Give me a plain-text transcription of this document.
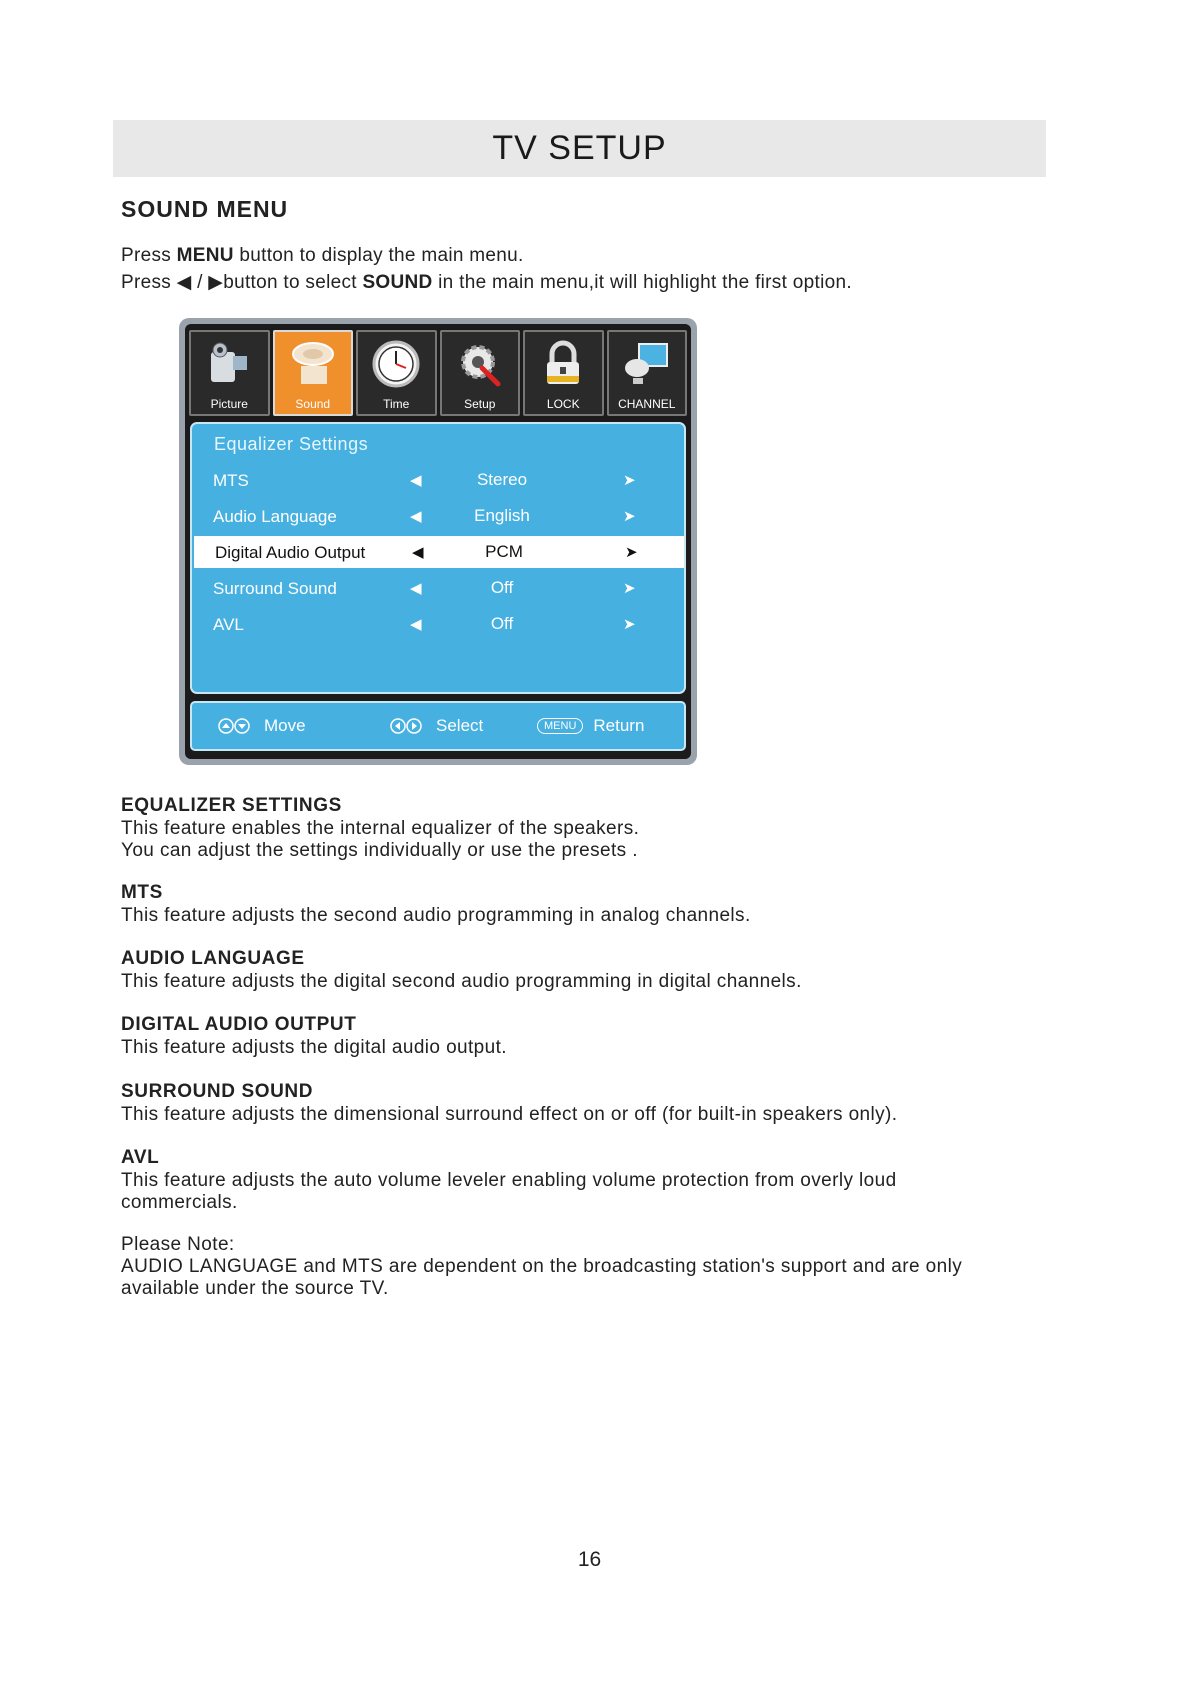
TV SETUP
SOUND MENU
Press MENU button to display the main menu.
Press ◀ / ▶button to select SOUND in the main menu,it will highlight the first option.
Picture	Sound	Time	Setup	LOCK	CHANNEL
Equalizer Settings
MTS	◀	Stereo	➤
Audio Language	◀	English	➤
Digital Audio Output	◀	PCM	➤
Surround Sound	◀	Off	➤
AVL	◀	Off	➤
Move	Select	MENU	Return
EQUALIZER SETTINGS
This feature enables the internal equalizer of the speakers.
You can adjust the settings individually or use the presets .
MTS
This feature adjusts the second audio programming in analog channels.
AUDIO LANGUAGE
This feature adjusts the digital second audio programming in digital channels.
DIGITAL AUDIO OUTPUT
This feature adjusts the digital audio output.
SURROUND SOUND
This feature adjusts the dimensional surround effect on or off (for built-in speakers only).
AVL
This feature adjusts the auto volume leveler enabling volume protection from overly loud
commercials.
Please Note:
AUDIO LANGUAGE and MTS are dependent on the broadcasting station's support and are only
available under the source TV.
16
